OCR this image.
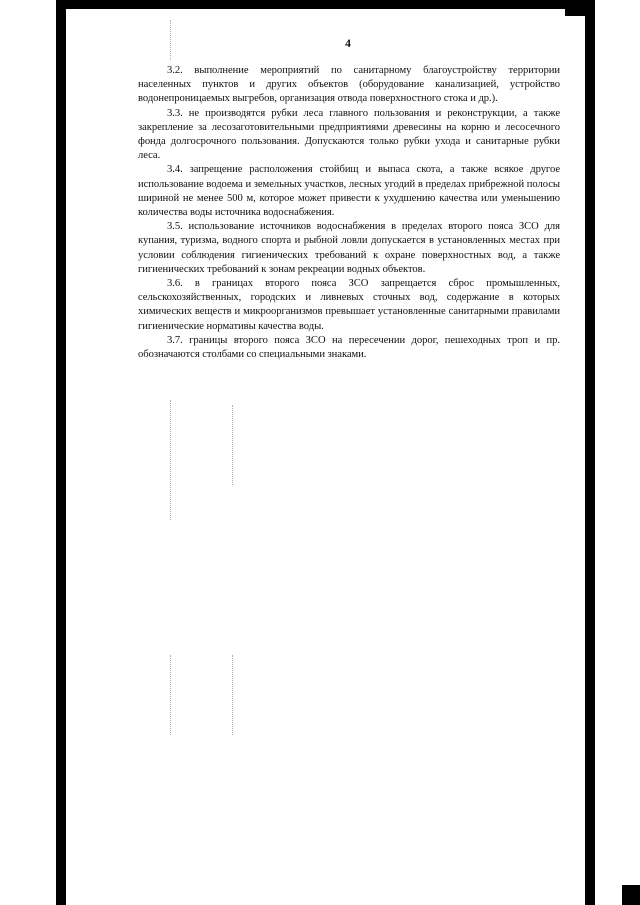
4

3.2. выполнение мероприятий по санитарному благоустройству территории населенных пунктов и других объектов (оборудование канализацией, устройство водонепроницаемых выгребов, организация отвода поверхностного стока и др.).

3.3. не производятся рубки леса главного пользования и реконструкции, а также закрепление за лесозаготовительными предприятиями древесины на корню и лесосечного фонда долгосрочного пользования. Допускаются только рубки ухода и санитарные рубки леса.

3.4. запрещение расположения стойбищ и выпаса скота, а также всякое другое использование водоема и земельных участков, лесных угодий в пределах прибрежной полосы шириной не менее 500 м, которое может привести к ухудшению качества или уменьшению количества воды источника водоснабжения.

3.5. использование источников водоснабжения в пределах второго пояса ЗСО для купания, туризма, водного спорта и рыбной ловли допускается в установленных местах при условии соблюдения гигиенических требований к охране поверхностных вод, а также гигиенических требований к зонам рекреации водных объектов.

3.6. в границах второго пояса ЗСО запрещается сброс промышленных, сельскохозяйственных, городских и ливневых сточных вод, содержание в которых химических веществ и микроорганизмов превышает установленные санитарными правилами гигиенические нормативы качества воды.

3.7. границы второго пояса ЗСО на пересечении дорог, пешеходных троп и пр. обозначаются столбами со специальными знаками.
